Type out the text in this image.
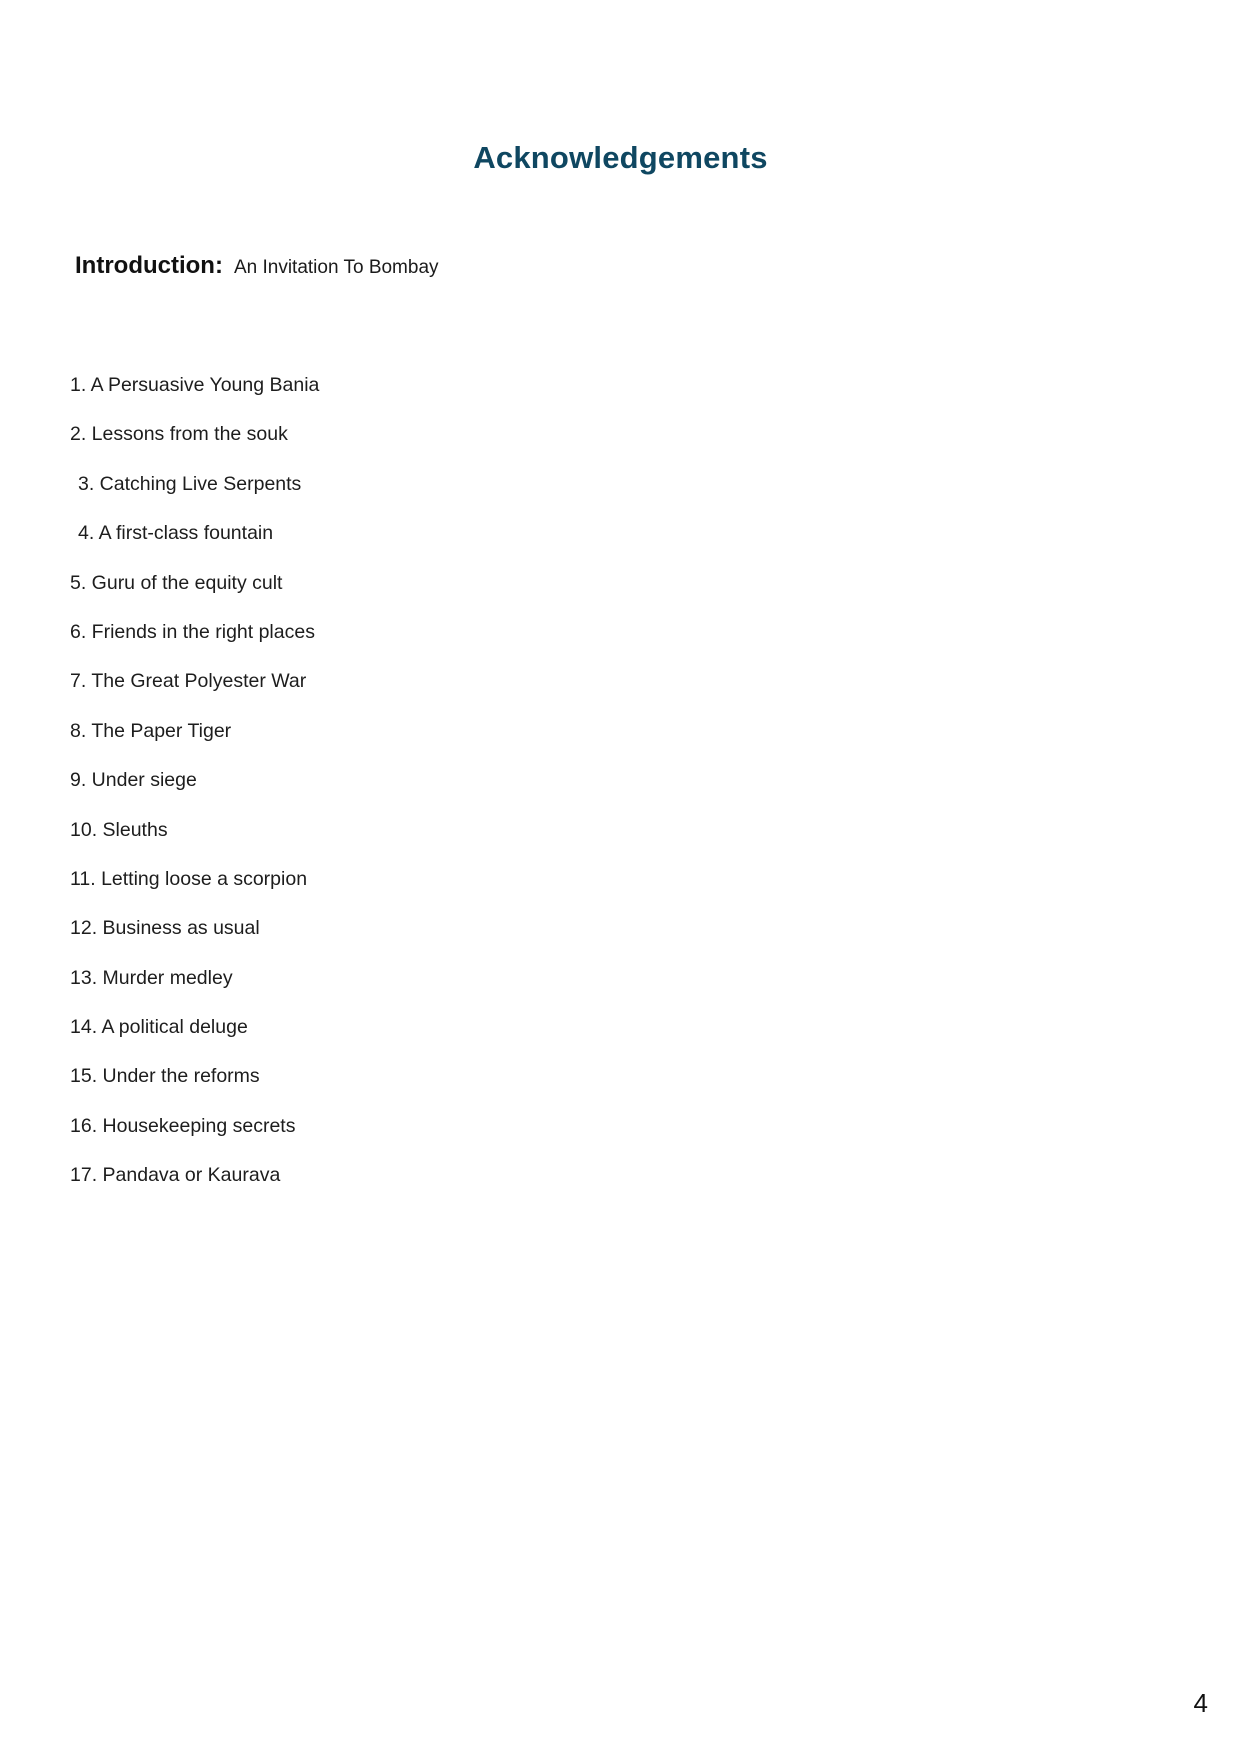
Acknowledgements
Introduction: An Invitation To Bombay
1. A Persuasive Young Bania
2. Lessons from the souk
3. Catching Live Serpents
4. A first-class fountain
5. Guru of the equity cult
6. Friends in the right places
7. The Great Polyester War
8. The Paper Tiger
9. Under siege
10. Sleuths
11. Letting loose a scorpion
12. Business as usual
13. Murder medley
14. A political deluge
15. Under the reforms
16. Housekeeping secrets
17. Pandava or Kaurava
4
